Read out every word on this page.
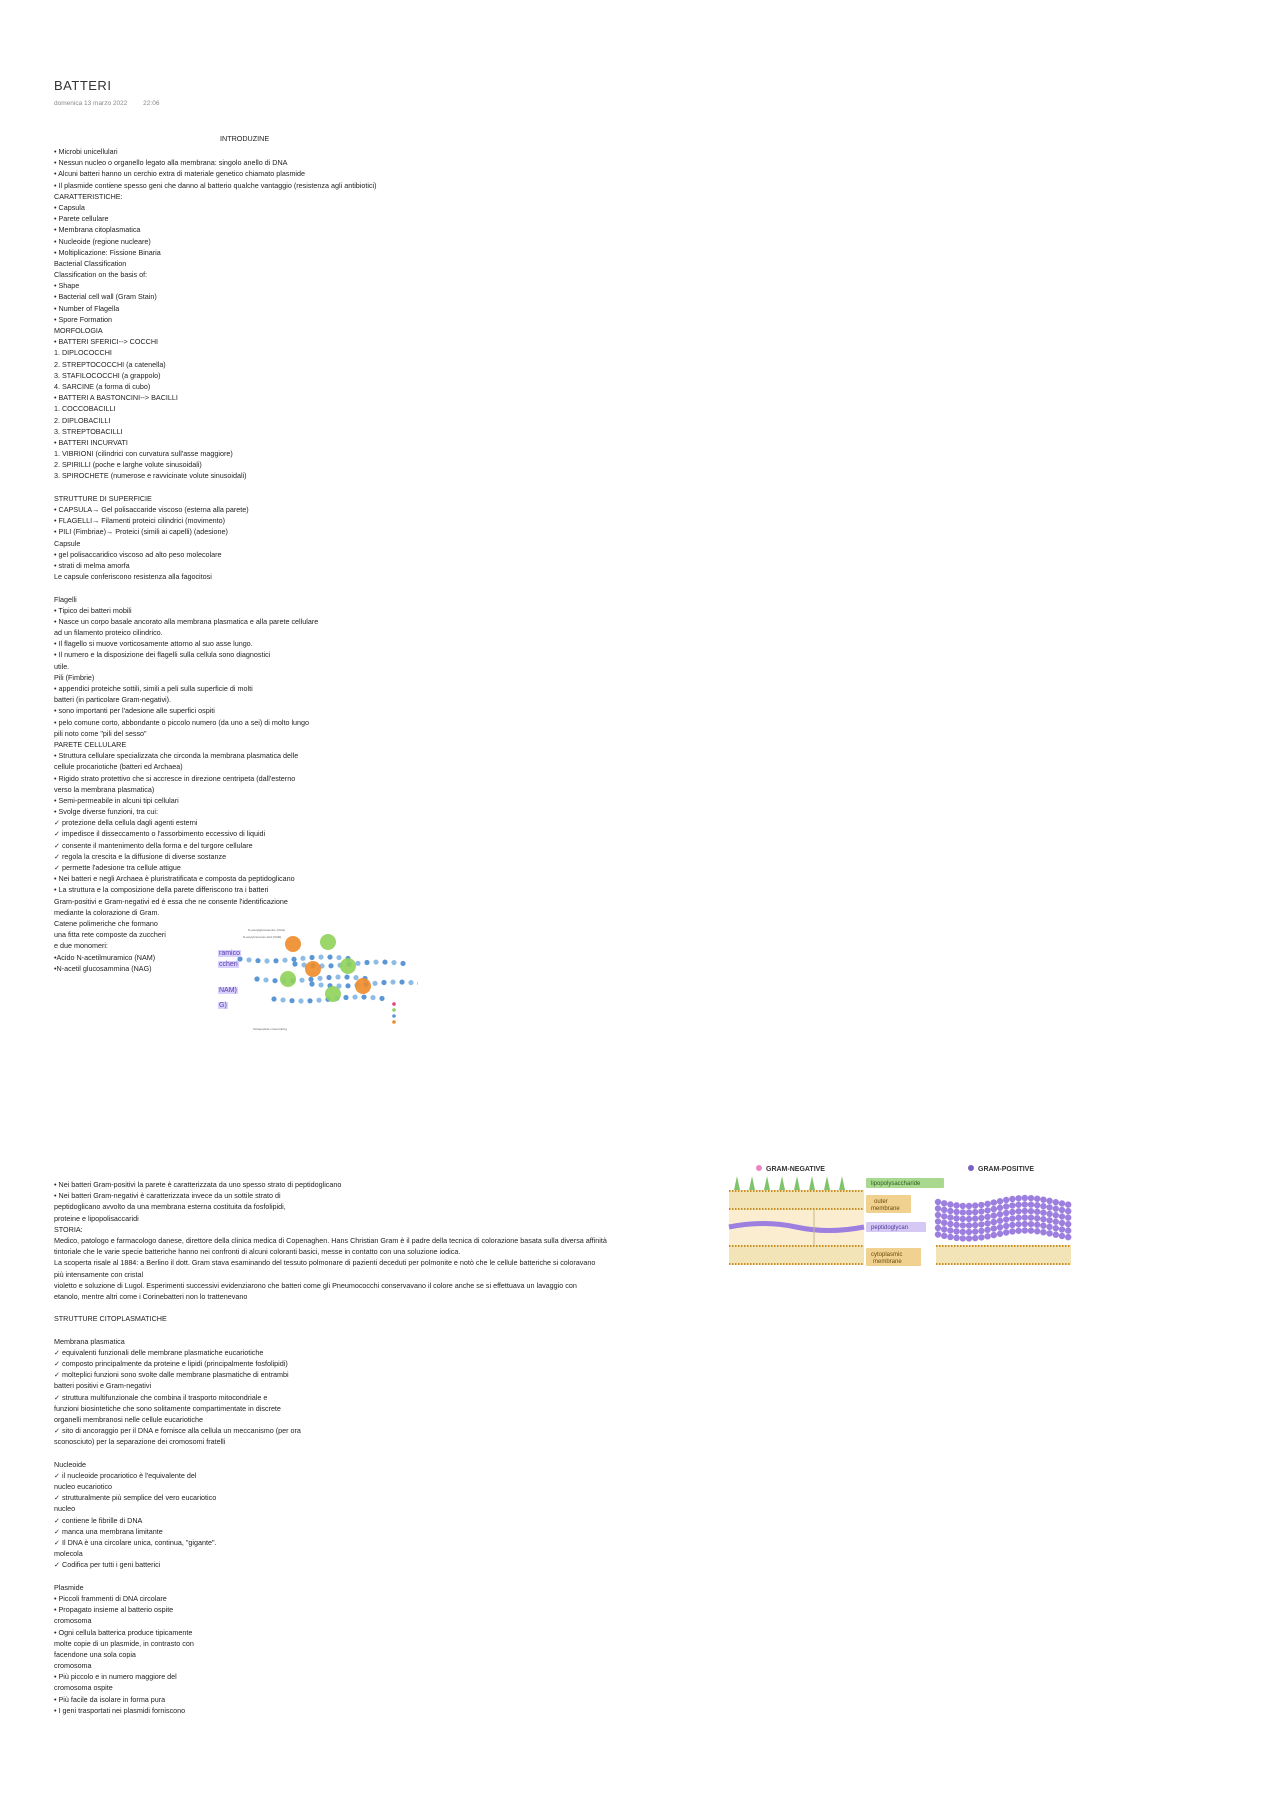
BATTERI
domenica 13 marzo 2022 22:06
INTRODUZINE
• Microbi unicellulari
• Nessun nucleo o organello legato alla membrana: singolo anello di DNA
• Alcuni batteri hanno un cerchio extra di materiale genetico chiamato plasmide
• Il plasmide contiene spesso geni che danno al batterio qualche vantaggio (resistenza agli antibiotici)
CARATTERISTICHE:
• Capsula
• Parete cellulare
• Membrana citoplasmatica
• Nucleoide (regione nucleare)
• Moltiplicazione: Fissione Binaria
Bacterial Classification
Classification on the basis of:
• Shape
• Bacterial cell wall (Gram Stain)
• Number of Flagella
• Spore Formation
MORFOLOGIA
• BATTERI SFERICI--> COCCHI
1. DIPLOCOCCHI
2. STREPTOCOCCHI (a catenella)
3. STAFILOCOCCHI (a grappolo)
4. SARCINE (a forma di cubo)
• BATTERI A BASTONCINI--> BACILLI
1. COCCOBACILLI
2. DIPLOBACILLI
3. STREPTOBACILLI
• BATTERI INCURVATI
1. VIBRIONI (cilindrici con curvatura sull'asse maggiore)
2. SPIRILLI (poche e larghe volute sinusoidali)
3. SPIROCHETE (numerose e ravvicinate volute sinusoidali)
STRUTTURE DI SUPERFICIE
• CAPSULA→ Gel polisaccaride viscoso (esterna alla parete)
• FLAGELLI→ Filamenti proteici cilindrici (movimento)
• PILI (Fimbriae)→ Proteici (simili ai capelli) (adesione)
Capsule
• gel polisaccaridico viscoso ad alto peso molecolare
• strati di melma amorfa
Le capsule conferiscono resistenza alla fagocitosi
Flagelli
• Tipico dei batteri mobili
• Nasce un corpo basale ancorato alla membrana plasmatica e alla parete cellulare
ad un filamento proteico cilindrico.
• Il flagello si muove vorticosamente attorno al suo asse lungo.
• Il numero e la disposizione dei flagelli sulla cellula sono diagnostici
utile.
Pili (Fimbrie)
• appendici proteiche sottili, simili a peli sulla superficie di molti
batteri (in particolare Gram-negativi).
• sono importanti per l'adesione alle superfici ospiti
• pelo comune corto, abbondante o piccolo numero (da uno a sei) di molto lungo
pili noto come "pili del sesso"
PARETE CELLULARE
• Struttura cellulare specializzata che circonda la membrana plasmatica delle
cellule procariotiche (batteri ed Archaea)
• Rigido strato protettivo che si accresce in direzione centripeta (dall'esterno
verso la membrana plasmatica)
• Semi-permeabile in alcuni tipi cellulari
• Svolge diverse funzioni, tra cui:
✓ protezione della cellula dagli agenti esterni
✓ impedisce il disseccamento o l'assorbimento eccessivo di liquidi
✓ consente il mantenimento della forma e del turgore cellulare
✓ regola la crescita e la diffusione di diverse sostanze
✓ permette l'adesione tra cellule attigue
• Nei batteri e negli Archaea è pluristratificata e composta da peptidoglicano
• La struttura e la composizione della parete differiscono tra i batteri
Gram-positivi e Gram-negativi ed è essa che ne consente l'identificazione
mediante la colorazione di Gram.
Catene polimeriche che formano
una fitta rete composte da zuccheri
e due monomeri:
•Acido N-acetilmuramico (NAM)
•N-acetil glucosammina (NAG)
N-acetylglucosamine (NAG)
N-acetylmuramic acid (NAM)
Tetrapeptide cross-linking
ramico
ccheri
NAM)
G)
• Nei batteri Gram-positivi la parete è caratterizzata da uno spesso strato di peptidoglicano
• Nei batteri Gram-negativi è caratterizzata invece da un sottile strato di
peptidoglicano avvolto da una membrana esterna costituita da fosfolipidi,
proteine e lipopolisaccaridi
STORIA:
Medico, patologo e farmacologo danese, direttore della clinica medica di Copenaghen. Hans Christian Gram è il padre della tecnica di colorazione basata sulla diversa affinità
tintoriale che le varie specie batteriche hanno nei confronti di alcuni coloranti basici, messe in contatto con una soluzione iodica.
La scoperta risale al 1884: a Berlino il dott. Gram stava esaminando del tessuto polmonare di pazienti deceduti per polmonite e notò che le cellule batteriche si coloravano
più intensamente con cristal
violetto e soluzione di Lugol. Esperimenti successivi evidenziarono che batteri come gli Pneumococchi conservavano il colore anche se si effettuava un lavaggio con
etanolo, mentre altri come i Corinebatteri non lo trattenevano
STRUTTURE CITOPLASMATICHE
Membrana plasmatica
✓ equivalenti funzionali delle membrane plasmatiche eucariotiche
✓ composto principalmente da proteine e lipidi (principalmente fosfolipidi)
✓ molteplici funzioni sono svolte dalle membrane plasmatiche di entrambi
batteri positivi e Gram-negativi
✓ struttura multifunzionale che combina il trasporto mitocondriale e
funzioni biosintetiche che sono solitamente compartimentate in discrete
organelli membranosi nelle cellule eucariotiche
✓ sito di ancoraggio per il DNA e fornisce alla cellula un meccanismo (per ora
sconosciuto) per la separazione dei cromosomi fratelli
Nucleoide
✓ il nucleoide procariotico è l'equivalente del
nucleo eucariotico
✓ strutturalmente più semplice del vero eucariotico
nucleo
✓ contiene le fibrille di DNA
✓ manca una membrana limitante
✓ Il DNA è una circolare unica, continua, "gigante".
molecola
✓ Codifica per tutti i geni batterici
Plasmide
• Piccoli frammenti di DNA circolare
• Propagato insieme al batterio ospite
cromosoma
• Ogni cellula batterica produce tipicamente
molte copie di un plasmide, in contrasto con
facendone una sola copia
cromosoma
• Più piccolo e in numero maggiore del
cromosoma ospite
• Più facile da isolare in forma pura
• I geni trasportati nei plasmidi forniscono
GRAM-NEGATIVE	GRAM-POSITIVE
lipopolysaccharide
outer
membrane
peptidoglycan
cytoplasmic
membrane
